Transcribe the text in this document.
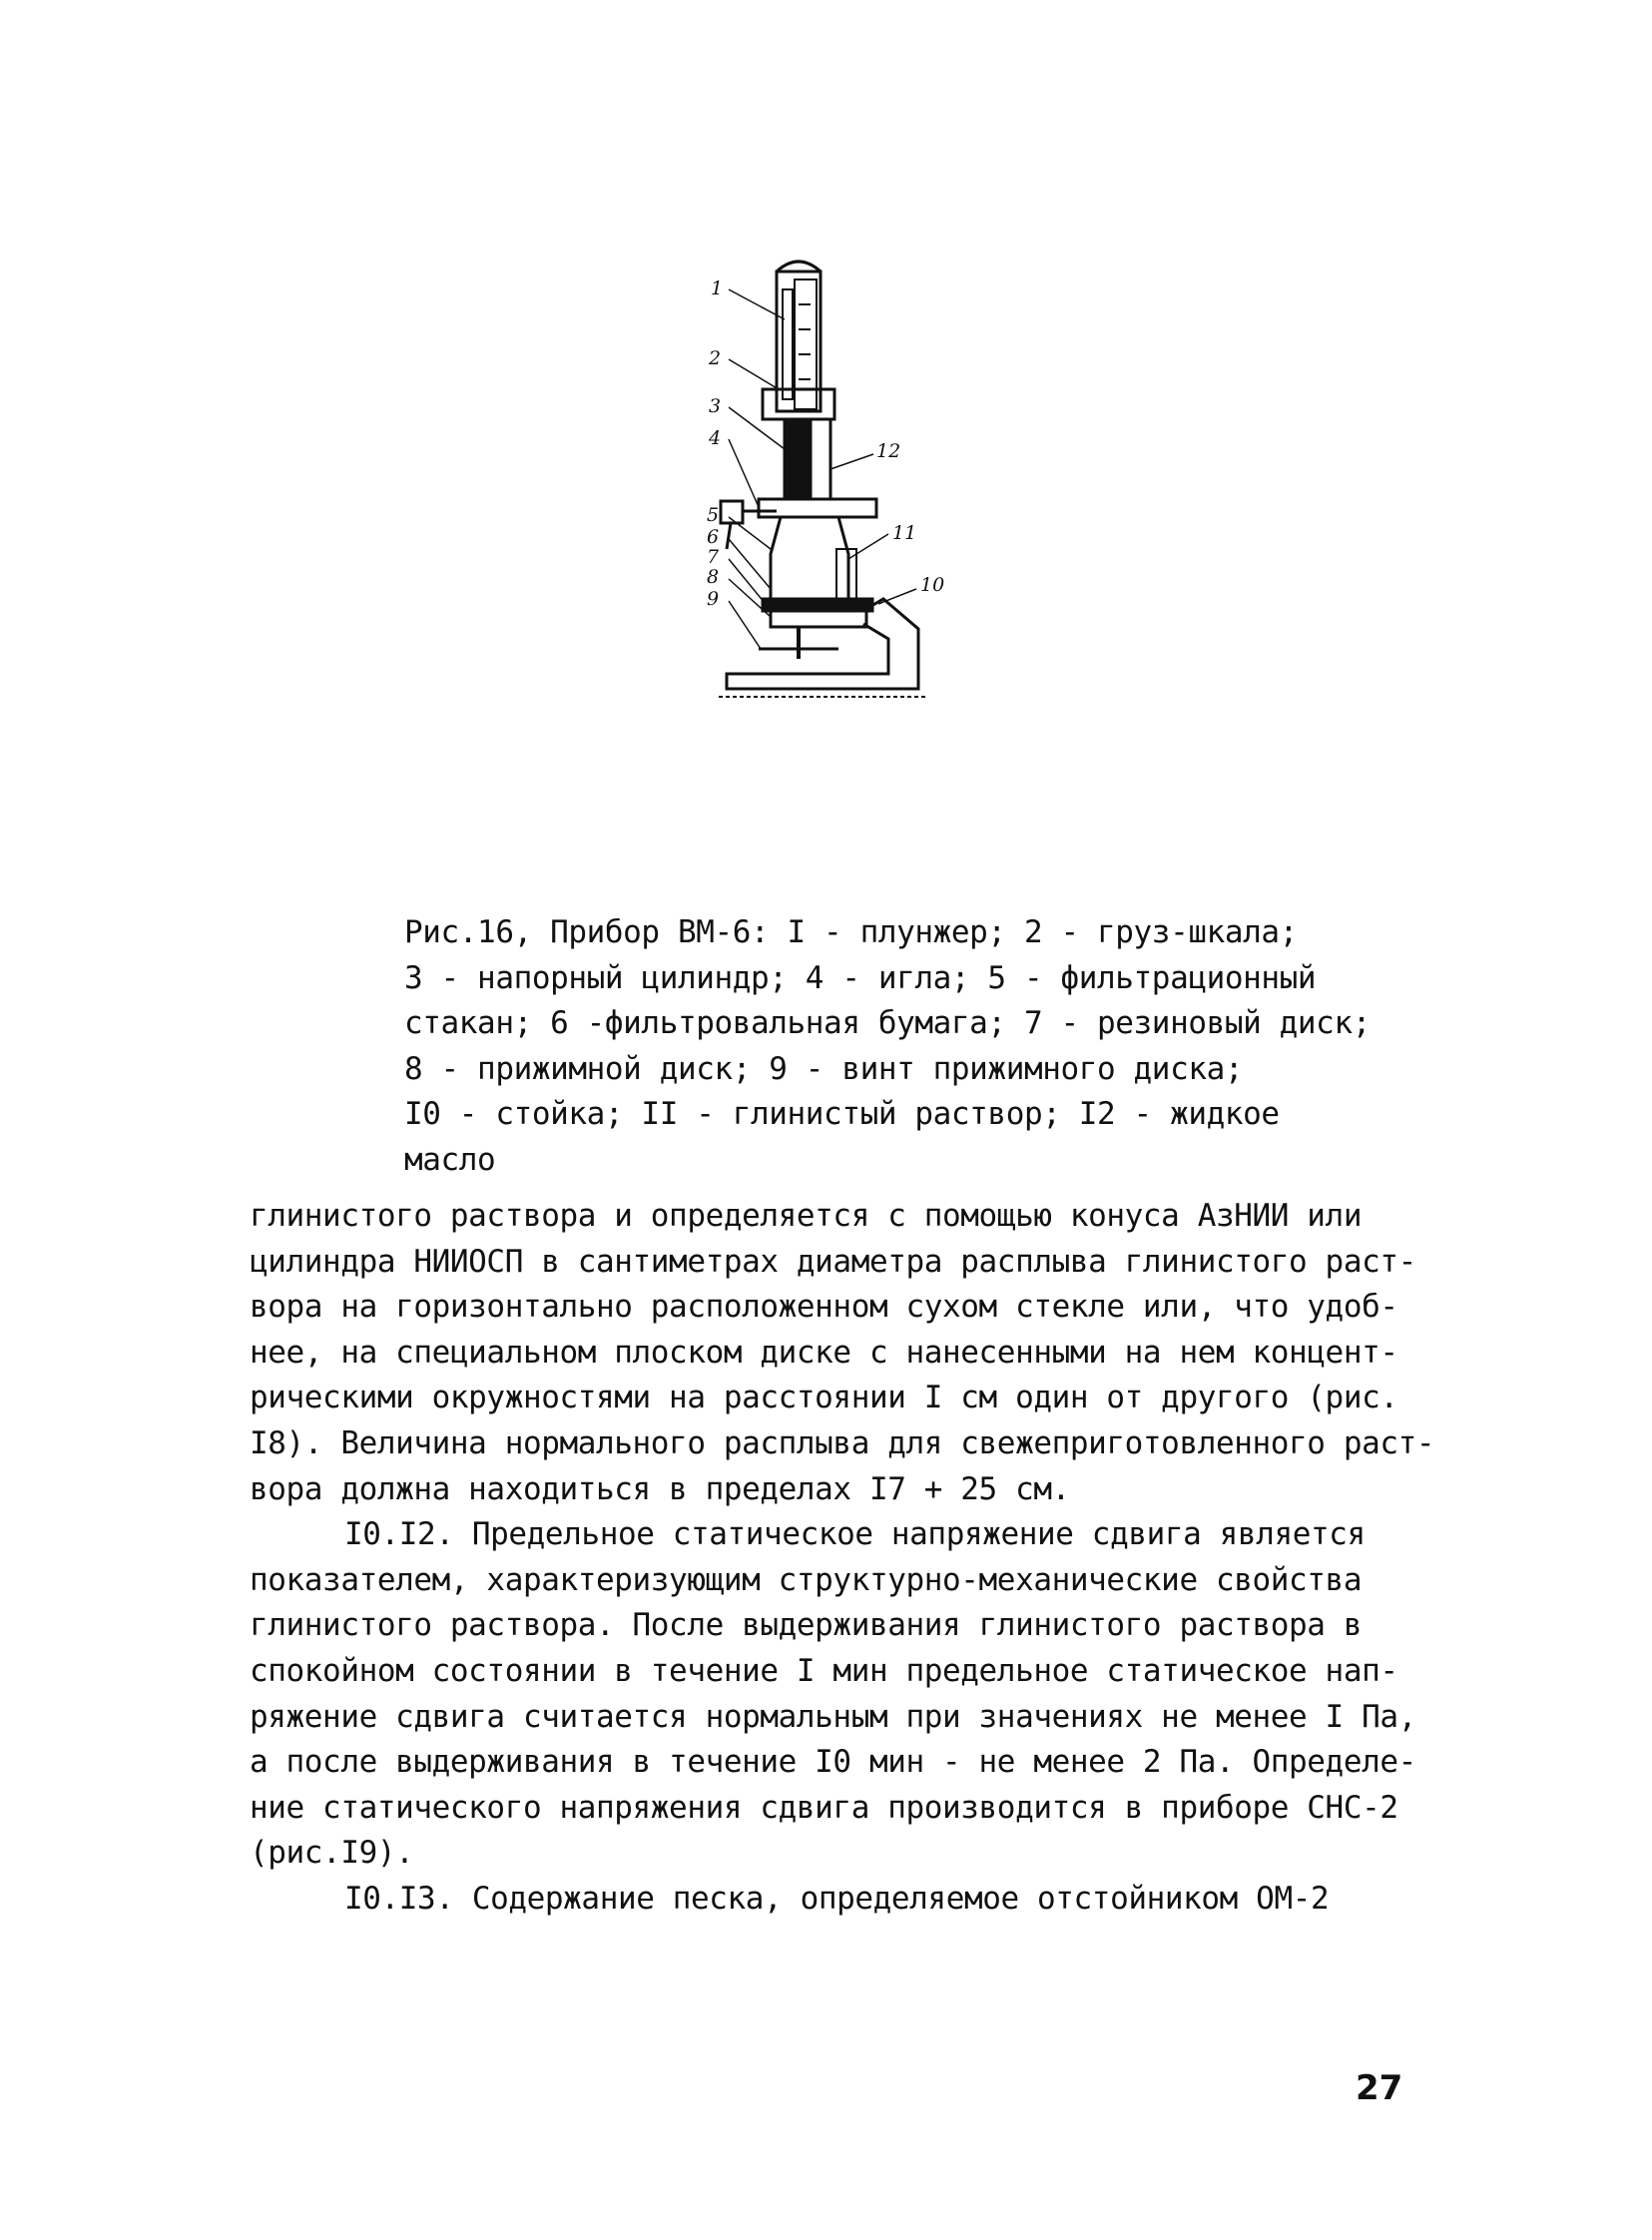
1
2
3
4
5
6
7
8
9
10
11
12
Рис.16, Прибор ВМ-6: I - плунжер; 2 - груз-шкала;
3 - напорный цилиндр; 4 - игла; 5 - фильтрационный
стакан; 6 -фильтровальная бумага; 7 - резиновый диск;
8 - прижимной диск; 9 - винт прижимного диска;
I0 - стойка; II - глинистый раствор; I2 - жидкое
масло
глинистого раствора и определяется с помощью конуса АзНИИ или
цилиндра НИИОСП в сантиметрах диаметра расплыва глинистого раст-
вора на горизонтально расположенном сухом стекле или, что удоб-
нее, на специальном плоском диске с нанесенными на нем концент-
рическими окружностями на расстоянии I см один от другого (рис.
I8). Величина нормального расплыва для свежеприготовленного раст-
вора должна находиться в пределах I7 + 25 см.
I0.I2. Предельное статическое напряжение сдвига является
показателем, характеризующим структурно-механические свойства
глинистого раствора. После выдерживания глинистого раствора в
спокойном состоянии в течение I мин предельное статическое нап-
ряжение сдвига считается нормальным при значениях не менее I Па,
а после выдерживания в течение I0 мин - не менее 2 Па. Определе-
ние статического напряжения сдвига производится в приборе СНС-2
(рис.I9).
I0.I3. Содержание песка, определяемое отстойником ОМ-2
27
